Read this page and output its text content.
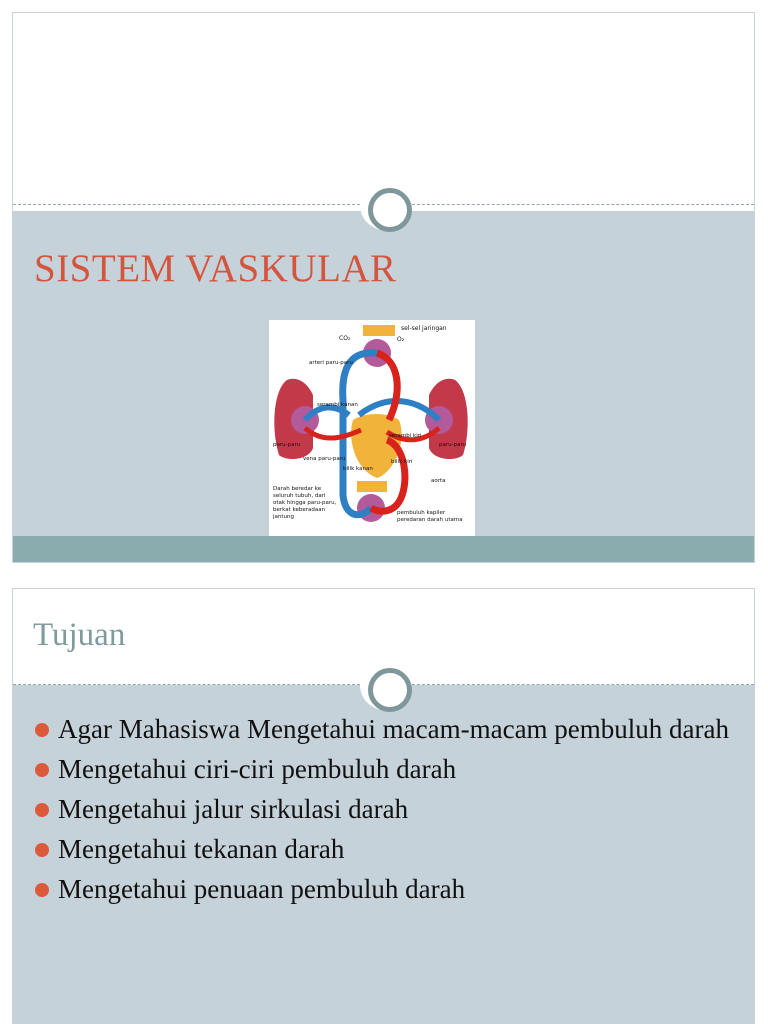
SISTEM VASKULAR
sel-sel jaringan
CO₂	O₂
arteri paru-paru
serambi kanan
paru-paru	paru-paru
serambi kiri
vena paru-paru
bilik kanan
bilik kiri
aorta
Darah beredar ke seluruh tubuh, dari otak hingga paru-paru, berkat keberadaan jantung
pembuluh kapiler peredaran darah utama
Tujuan
Agar Mahasiswa Mengetahui macam-macam pembuluh darah
Mengetahui ciri-ciri pembuluh darah
Mengetahui jalur sirkulasi darah
Mengetahui tekanan darah
Mengetahui penuaan pembuluh darah
